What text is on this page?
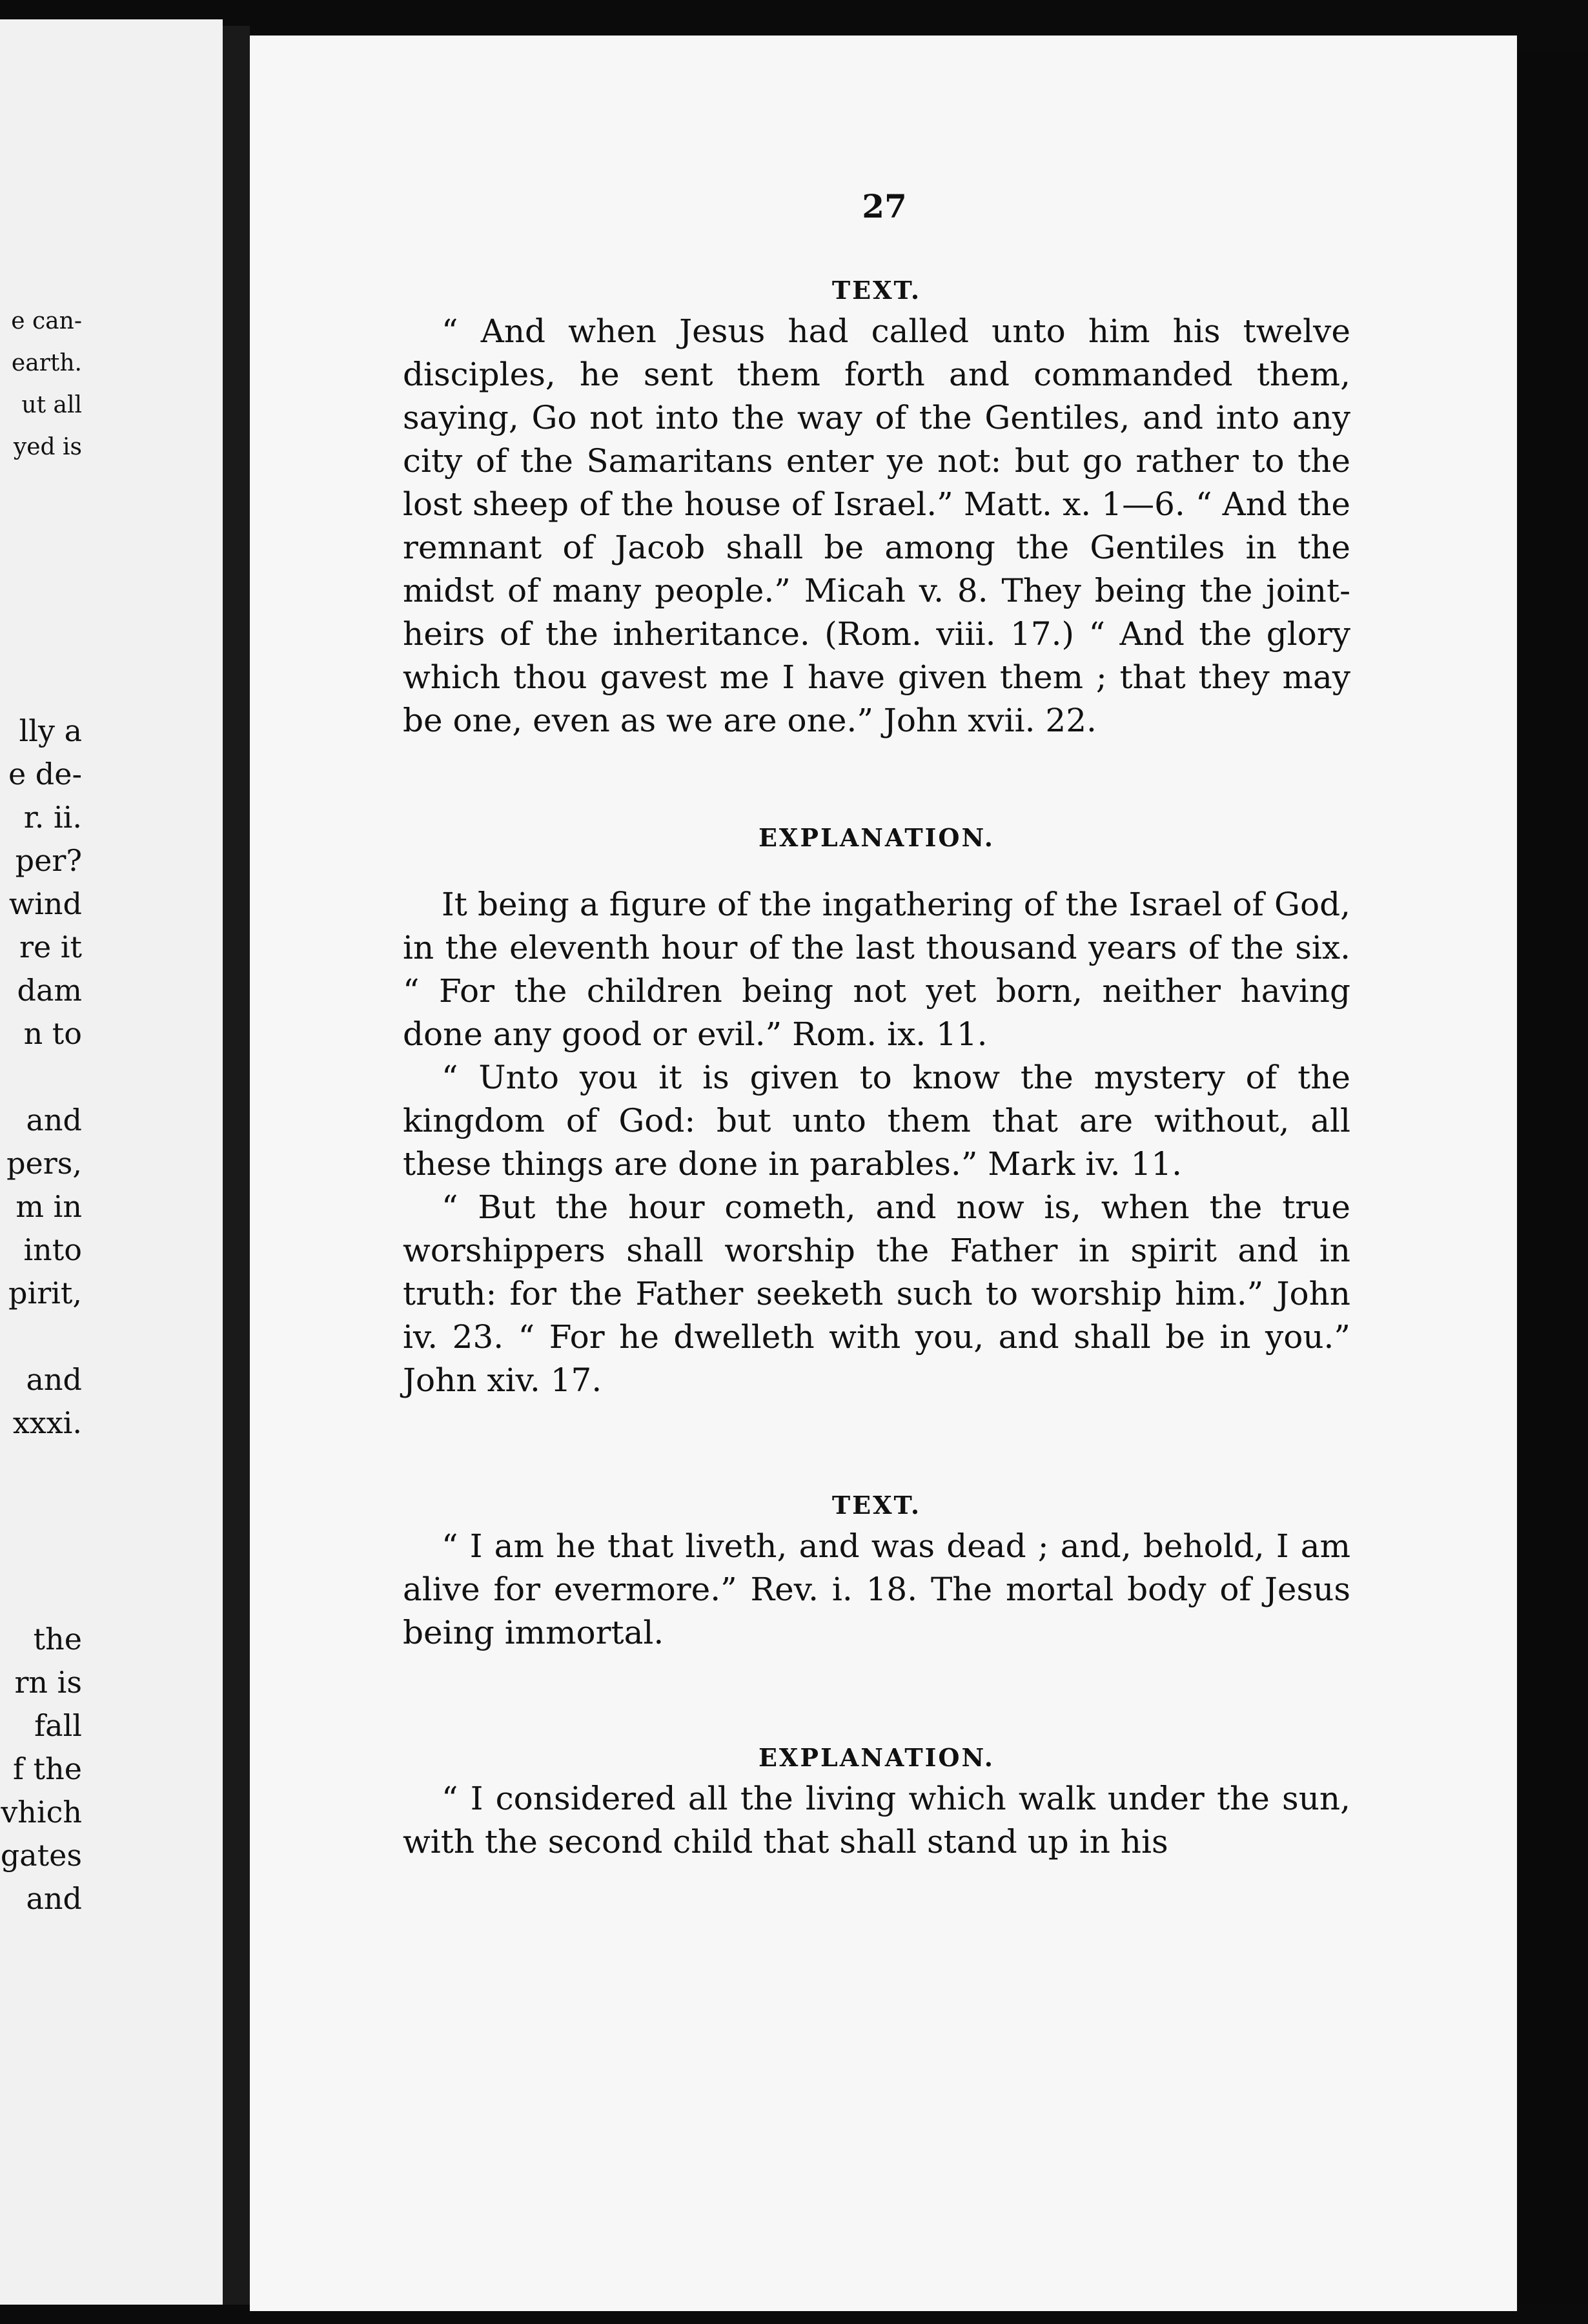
e can-
earth.
ut all
yed is
lly a
e de-
r. ii.
per?
wind
re it
dam
n to
and
pers,
m in
into
pirit,
and
xxxi.
the
rn is
fall
f the
vhich
gates
and
27

TEXT.

“ And when Jesus had called unto him his twelve disciples, he sent them forth and commanded them, saying, Go not into the way of the Gentiles, and into any city of the Samaritans enter ye not: but go rather to the lost sheep of the house of Israel.” Matt. x. 1—6. “ And the remnant of Jacob shall be among the Gentiles in the midst of many people.” Micah v. 8. They being the joint-heirs of the inheritance. (Rom. viii. 17.) “ And the glory which thou gavest me I have given them ; that they may be one, even as we are one.” John xvii. 22.

EXPLANATION.

It being a figure of the ingathering of the Israel of God, in the eleventh hour of the last thousand years of the six. “ For the children being not yet born, neither having done any good or evil.” Rom. ix. 11.

“ Unto you it is given to know the mystery of the kingdom of God: but unto them that are without, all these things are done in parables.” Mark iv. 11.

“ But the hour cometh, and now is, when the true worshippers shall worship the Father in spirit and in truth: for the Father seeketh such to worship him.” John iv. 23. “ For he dwelleth with you, and shall be in you.” John xiv. 17.

TEXT.

“ I am he that liveth, and was dead ; and, behold, I am alive for evermore.” Rev. i. 18. The mortal body of Jesus being immortal.

EXPLANATION.

“ I considered all the living which walk under the sun, with the second child that shall stand up in his
